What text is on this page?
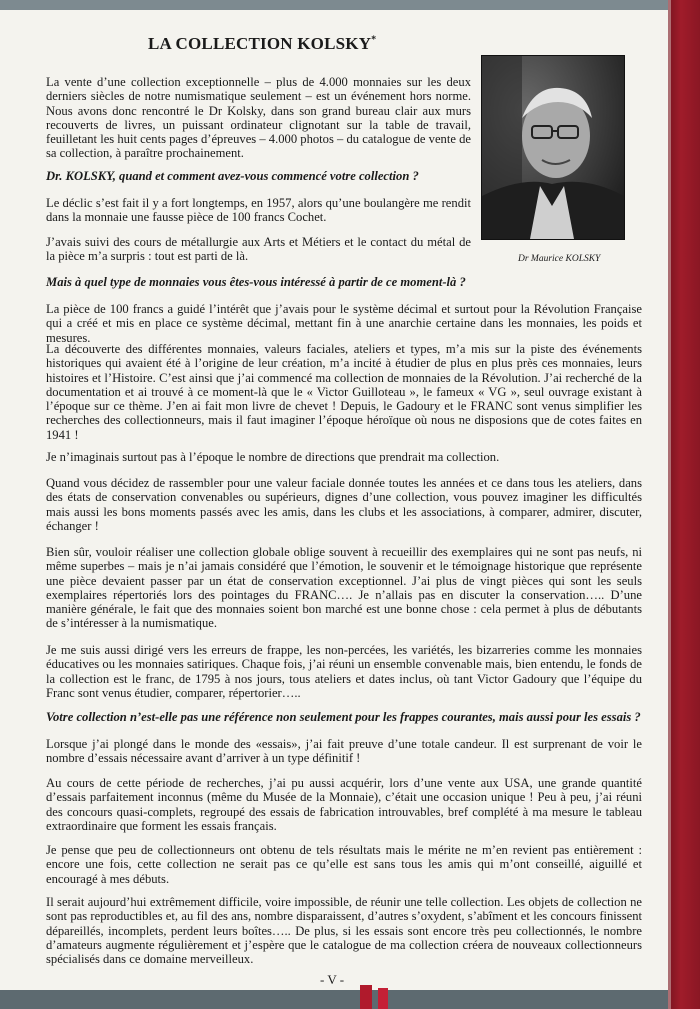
LA COLLECTION KOLSKY*
Dr Maurice KOLSKY

La vente d’une collection exceptionnelle – plus de 4.000 monnaies sur les deux derniers siècles de notre numismatique seulement – est un événement hors norme. Nous avons donc rencontré le Dr Kolsky, dans son grand bureau clair aux murs recouverts de livres, un puissant ordinateur clignotant sur la table de travail, feuilletant les huit cents pages d’épreuves – 4.000 photos – du catalogue de vente de sa collection, à paraître prochainement.

Dr. KOLSKY, quand et comment avez-vous commencé votre collection ?

Le déclic s’est fait il y a fort longtemps, en 1957, alors qu’une boulangère me rendit dans la monnaie une fausse pièce de 100 francs Cochet.

J’avais suivi des cours de métallurgie aux Arts et Métiers et le contact du métal de la pièce m’a surpris : tout est parti de là.

Mais à quel type de monnaies vous êtes-vous intéressé à partir de ce moment-là ?

La pièce de 100 francs a guidé l’intérêt que j’avais pour le système décimal et surtout pour la Révolution Française qui a créé et mis en place ce système décimal, mettant fin à une anarchie certaine dans les monnaies, les poids et mesures.

La découverte des différentes monnaies, valeurs faciales, ateliers et types, m’a mis sur la piste des événements historiques qui avaient été à l’origine de leur création, m’a incité à étudier de plus en plus près ces monnaies, leurs histoires et l’Histoire. C’est ainsi que j’ai commencé ma collection de monnaies de la Révolution. J’ai recherché de la documentation et ai trouvé à ce moment-là que le « Victor Guilloteau », le fameux « VG », seul ouvrage existant à l’époque sur ce thème. J’en ai fait mon livre de chevet ! Depuis, le Gadoury et le FRANC sont venus simplifier les recherches des collectionneurs, mais il faut imaginer l’époque héroïque où nous ne disposions que de cotes faites en 1941 !

Je n’imaginais surtout pas à l’époque le nombre de directions que prendrait ma collection.

Quand vous décidez de rassembler pour une valeur faciale donnée toutes les années et ce dans tous les ateliers, dans des états de conservation convenables ou supérieurs, dignes d’une collection, vous pouvez imaginer les difficultés mais aussi les bons moments passés avec les amis, dans les clubs et les associations, à comparer, admirer, discuter, échanger !

Bien sûr, vouloir réaliser une collection globale oblige souvent à recueillir des exemplaires qui ne sont pas neufs, ni même superbes – mais je n’ai jamais considéré que l’émotion, le souvenir et le témoignage historique que représente une pièce devaient passer par un état de conservation exceptionnel. J’ai plus de vingt pièces qui sont les seuls exemplaires répertoriés lors des pointages du FRANC…. Je n’allais pas en discuter la conservation….. D’une manière générale, le fait que des monnaies soient bon marché est une bonne chose : cela permet à plus de débutants de s’intéresser à la numismatique.

Je me suis aussi dirigé vers les erreurs de frappe, les non-percées, les variétés, les bizarreries comme les monnaies éducatives ou les monnaies satiriques. Chaque fois, j’ai réuni un ensemble convenable mais, bien entendu, le fonds de la collection est le franc, de 1795 à nos jours, tous ateliers et dates inclus, où tant Victor Gadoury que l’équipe du Franc sont venus étudier, comparer, répertorier…..

Votre collection n’est-elle pas une référence non seulement pour les frappes courantes, mais aussi pour les essais ?

Lorsque j’ai plongé dans le monde des «essais», j’ai fait preuve d’une totale candeur. Il est surprenant de voir le nombre d’essais nécessaire avant d’arriver à un type définitif !

Au cours de cette période de recherches, j’ai pu aussi acquérir, lors d’une vente aux USA, une grande quantité d’essais parfaitement inconnus (même du Musée de la Monnaie), c’était une occasion unique ! Peu à peu, j’ai réuni des concours quasi-complets, regroupé des essais de fabrication introuvables, bref complété à ma mesure le tableau extraordinaire que forment les essais français.

Je pense que peu de collectionneurs ont obtenu de tels résultats mais le mérite ne m’en revient pas entièrement : encore une fois, cette collection ne serait pas ce qu’elle est sans tous les amis qui m’ont conseillé, aiguillé et encouragé à mes débuts.

Il serait aujourd’hui extrêmement difficile, voire impossible, de réunir une telle collection. Les objets de collection ne sont pas reproductibles et, au fil des ans, nombre disparaissent, d’autres s’oxydent, s’abîment et les concours finissent dépareillés, incomplets, perdent leurs boîtes….. De plus, si les essais sont encore très peu collectionnés, le nombre d’amateurs augmente régulièrement et j’espère que le catalogue de ma collection créera de nouveaux collectionneurs spécialisés dans ce domaine merveilleux.

- V -
